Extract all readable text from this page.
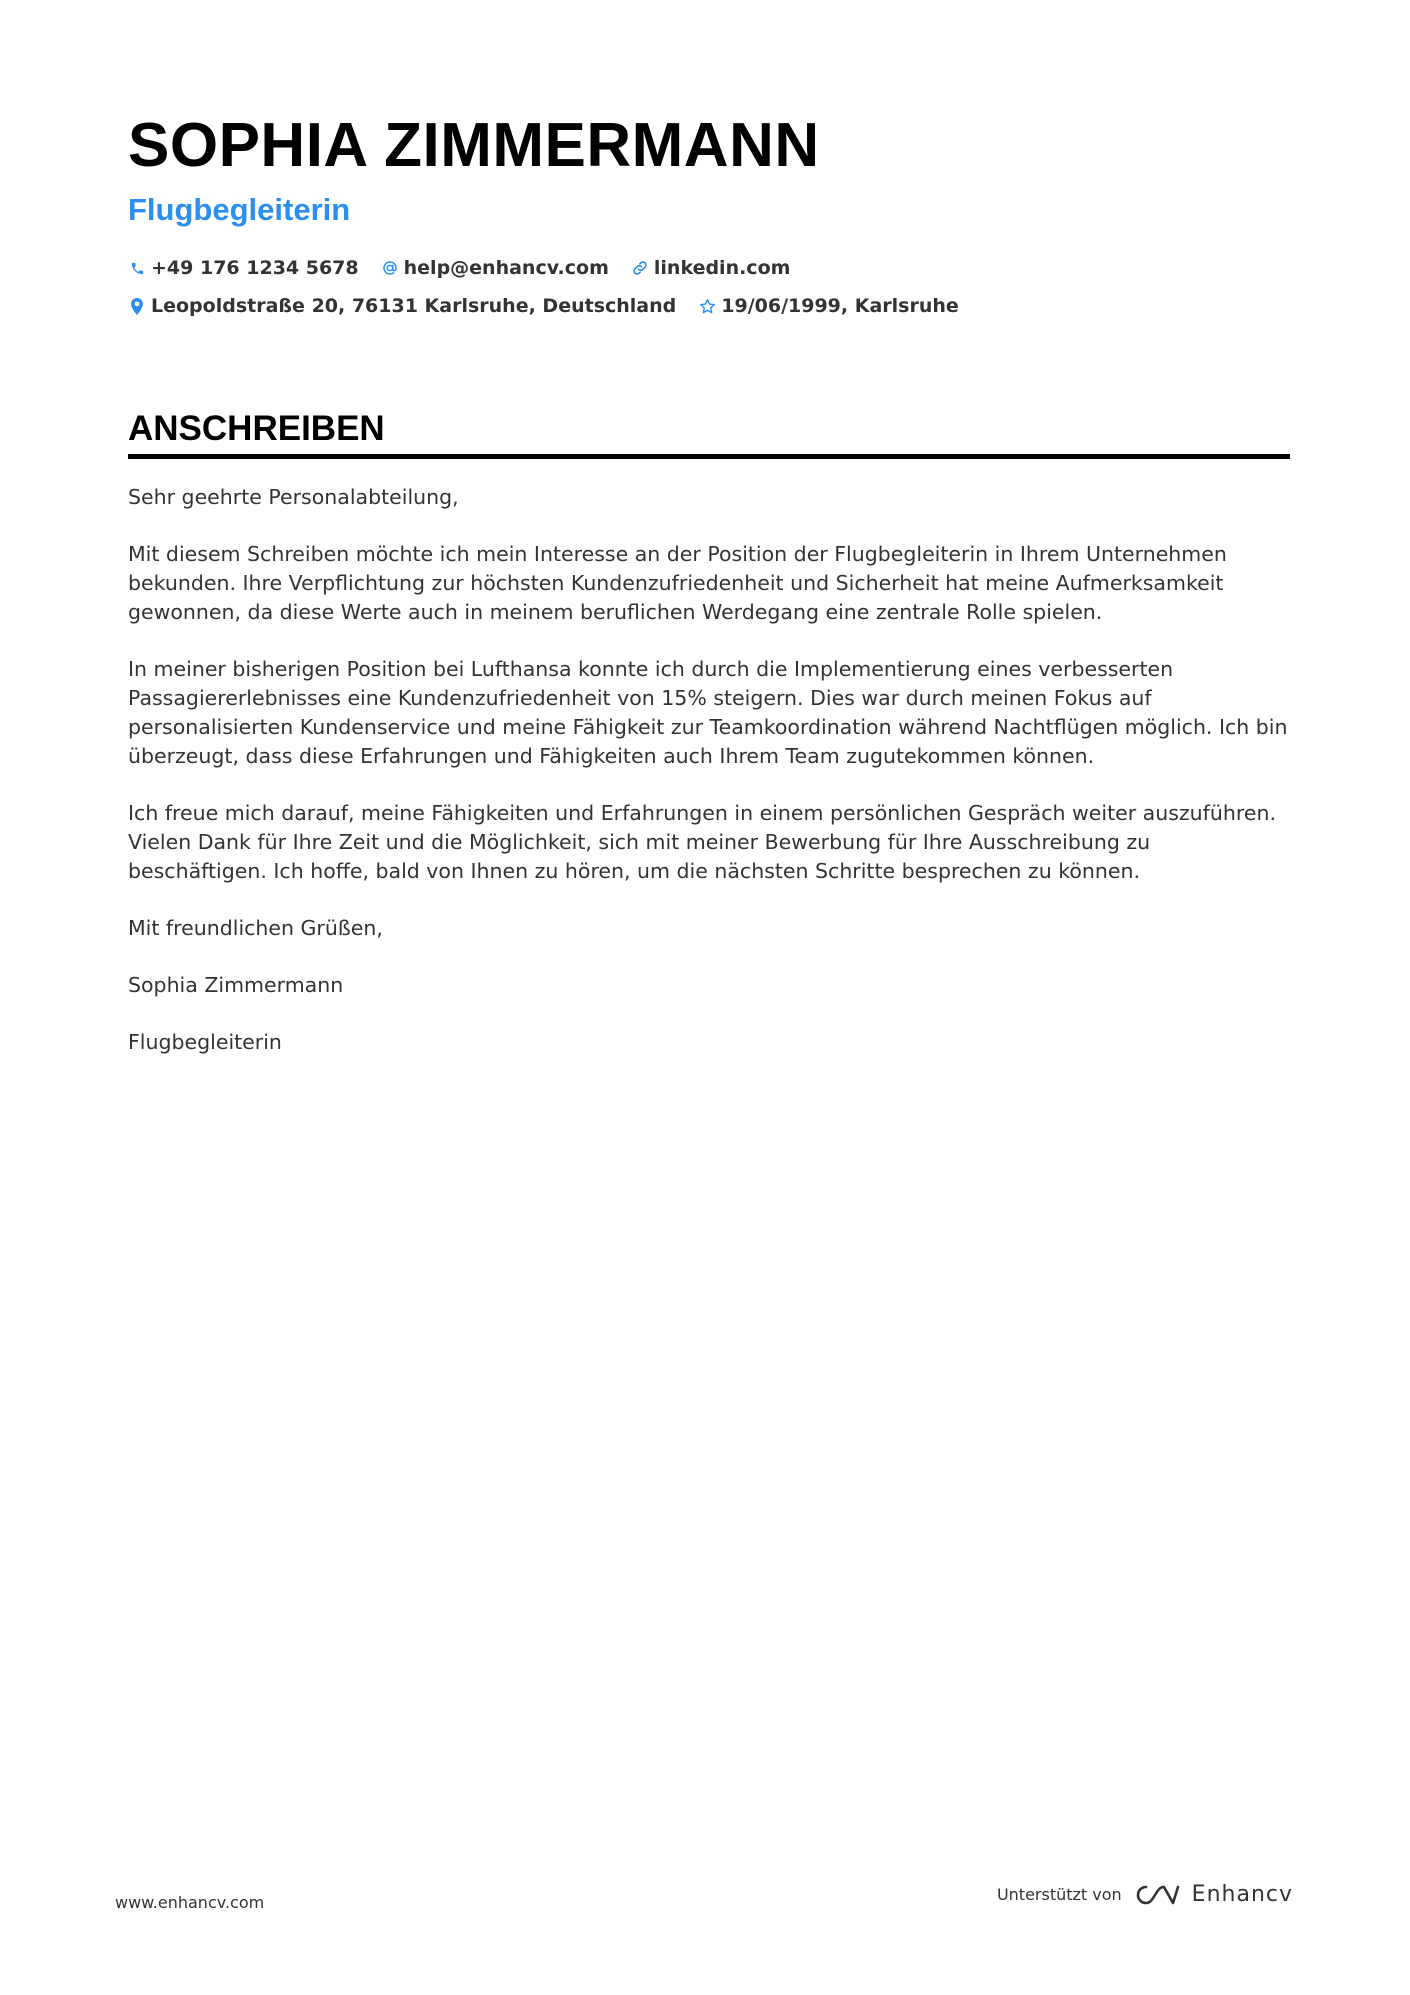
SOPHIA ZIMMERMANN
Flugbegleiterin
+49 176 1234 5678 help@enhancv.com linkedin.com
Leopoldstraße 20, 76131 Karlsruhe, Deutschland 19/06/1999, Karlsruhe
ANSCHREIBEN

Sehr geehrte Personalabteilung,

Mit diesem Schreiben möchte ich mein Interesse an der Position der Flugbegleiterin in Ihrem Unternehmen bekunden. Ihre Verpflichtung zur höchsten Kundenzufriedenheit und Sicherheit hat meine Aufmerksamkeit gewonnen, da diese Werte auch in meinem beruflichen Werdegang eine zentrale Rolle spielen.

In meiner bisherigen Position bei Lufthansa konnte ich durch die Implementierung eines verbesserten Passagiererlebnisses eine Kundenzufriedenheit von 15% steigern. Dies war durch meinen Fokus auf personalisierten Kundenservice und meine Fähigkeit zur Teamkoordination während Nachtflügen möglich. Ich bin überzeugt, dass diese Erfahrungen und Fähigkeiten auch Ihrem Team zugutekommen können.

Ich freue mich darauf, meine Fähigkeiten und Erfahrungen in einem persönlichen Gespräch weiter auszuführen. Vielen Dank für Ihre Zeit und die Möglichkeit, sich mit meiner Bewerbung für Ihre Ausschreibung zu beschäftigen. Ich hoffe, bald von Ihnen zu hören, um die nächsten Schritte besprechen zu können.

Mit freundlichen Grüßen,

Sophia Zimmermann

Flugbegleiterin

www.enhancv.com	Unterstützt von	Enhancv
